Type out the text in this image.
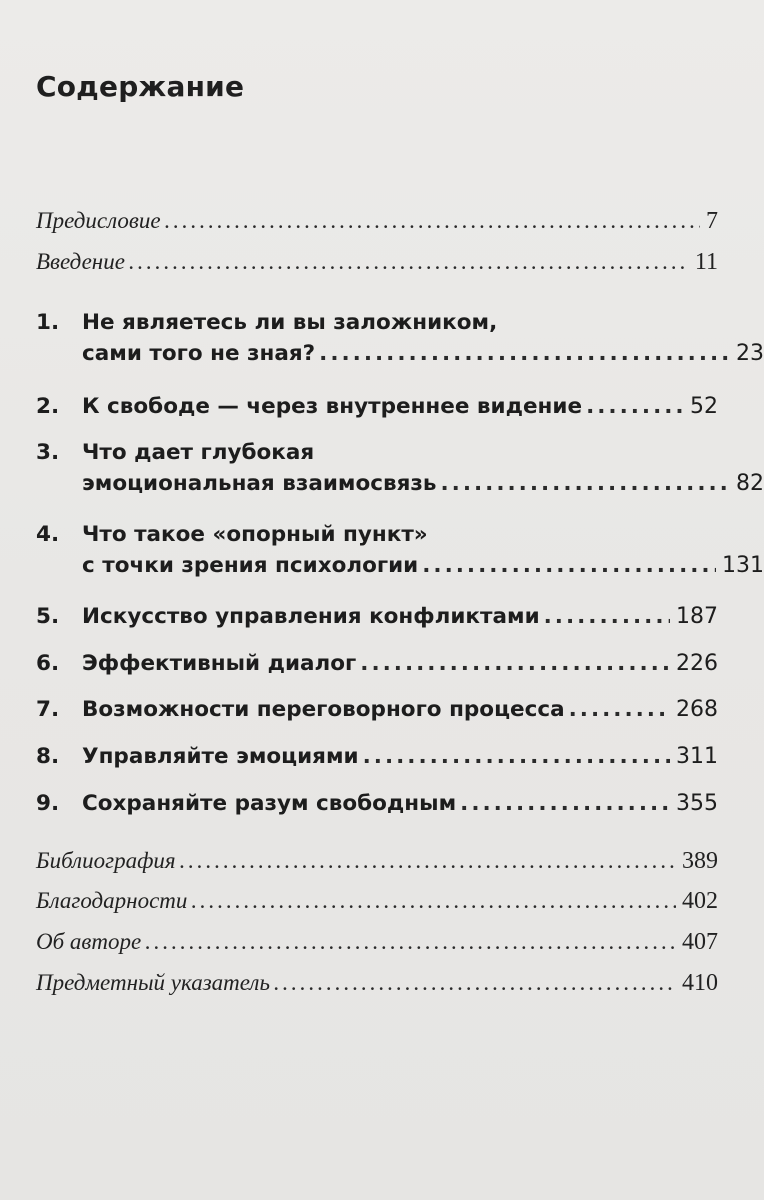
Содержание
Предисловие .....	7
Введение .....	11
1. Не являетесь ли вы заложником,
сами того не зная? .....	23
2.	К свободе — через внутреннее видение .....	52
3. Что дает глубокая
эмоциональная взаимосвязь .....	82
4. Что такое «опорный пункт»
с точки зрения психологии .....	131
5.	Искусство управления конфликтами .....	187
6.	Эффективный диалог .....	226
7.	Возможности переговорного процесса .....	268
8.	Управляйте эмоциями .....	311
9.	Сохраняйте разум свободным .....	355
Библиография .....	389
Благодарности .....	402
Об авторе .....	407
Предметный указатель .....	410
